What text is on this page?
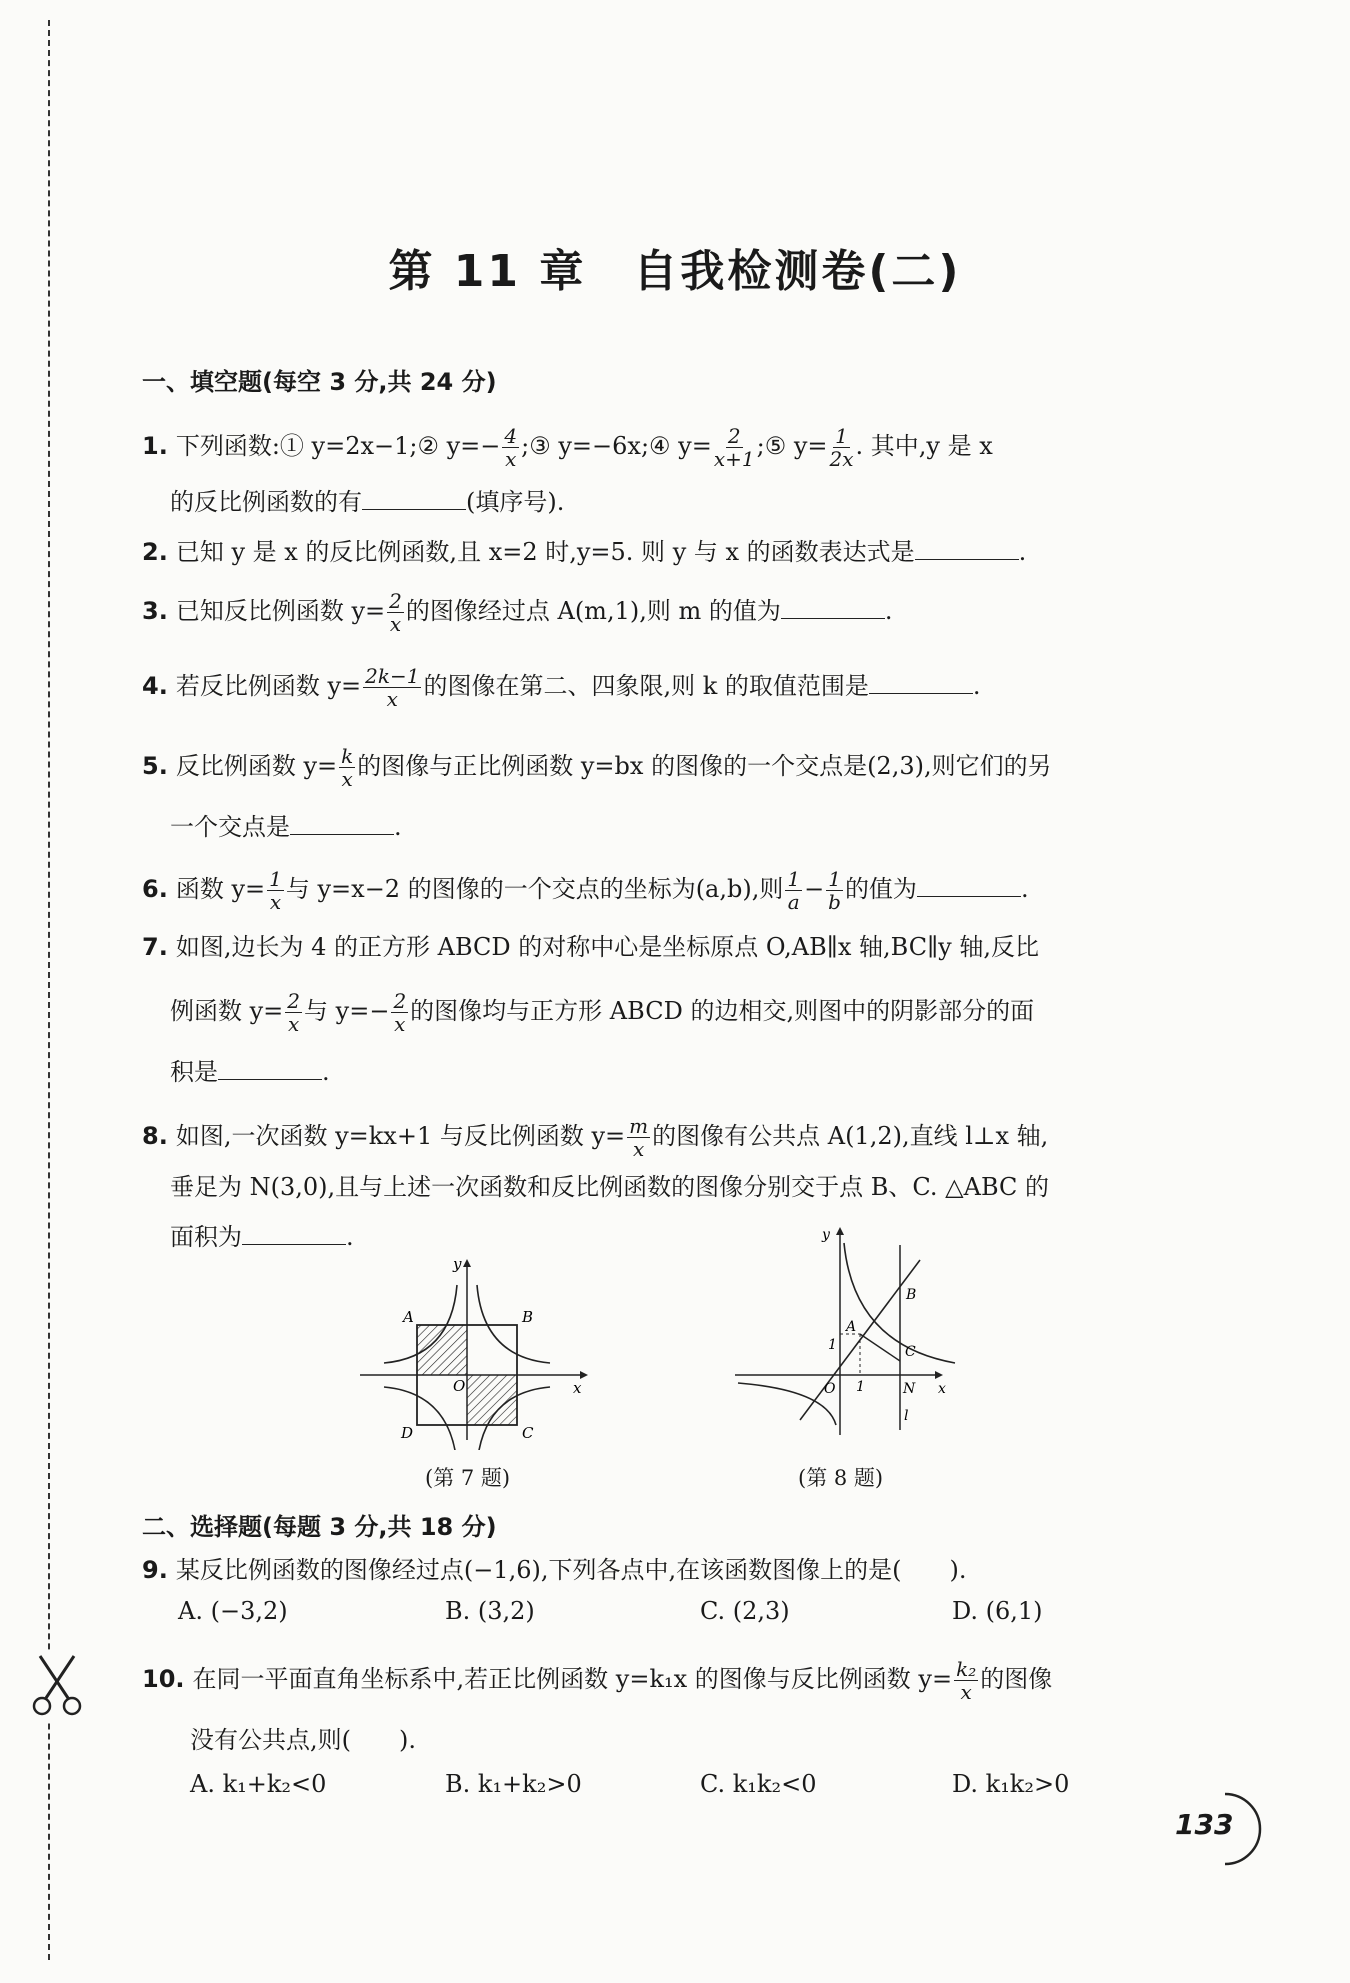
第 11 章　自我检测卷(二)
一、填空题(每空 3 分,共 24 分)
1. 下列函数:① y=2x−1;② $y=- \frac{4}{x}$ ;③ y=−6x;④ $y= \frac{2}{x+1}$ ;⑤ $y= \frac{1}{2x}$ . 其中,y 是 x
的反比例函数的有	(填序号).
2. 已知 y 是 x 的反比例函数,且 x=2 时,y=5. 则 y 与 x 的函数表达式是	.
3. 已知反比例函数 $y= \frac{2}{x}$ 的图像经过点 A(m,1),则 m 的值为	.
4. 若反比例函数 $y= \frac{2k-1}{x}$ 的图像在第二、四象限,则 k 的取值范围是	.
5. 反比例函数 $y= \frac{k}{x}$ 的图像与正比例函数 y=bx 的图像的一个交点是(2,3),则它们的另
一个交点是	.
6. 函数 $y= \frac{1}{x}$ 与 y=x−2 的图像的一个交点的坐标为(a,b),则 $\frac{1}{a} - \frac{1}{b}$ 的值为	.
7. 如图,边长为 4 的正方形 ABCD 的对称中心是坐标原点 O,AB∥x 轴,BC∥y 轴,反比
例函数 $y= \frac{2}{x}$ 与 $y=- \frac{2}{x}$ 的图像均与正方形 ABCD 的边相交,则图中的阴影部分的面
积是	.
8. 如图,一次函数 y=kx+1 与反比例函数 $y= \frac{m}{x}$ 的图像有公共点 A(1,2),直线 l⊥x 轴,
垂足为 N(3,0),且与上述一次函数和反比例函数的图像分别交于点 B、C. △ABC 的
面积为	.
A	B
C
D
O	x
y
(第 7 题)
A
B
C
N
O
l
x
y
1
1
(第 8 题)
二、选择题(每题 3 分,共 18 分)
9. 某反比例函数的图像经过点(−1,6),下列各点中,在该函数图像上的是(　　).
A. (−3,2)	B. (3,2)	C. (2,3)	D. (6,1)
10. 在同一平面直角坐标系中,若正比例函数 y=k₁x 的图像与反比例函数 $y= \frac{\text{k₂}}{x}$ 的图像
没有公共点,则(　　).
A. k₁+k₂<0	B. k₁+k₂>0	C. k₁k₂<0	D. k₁k₂>0
133
